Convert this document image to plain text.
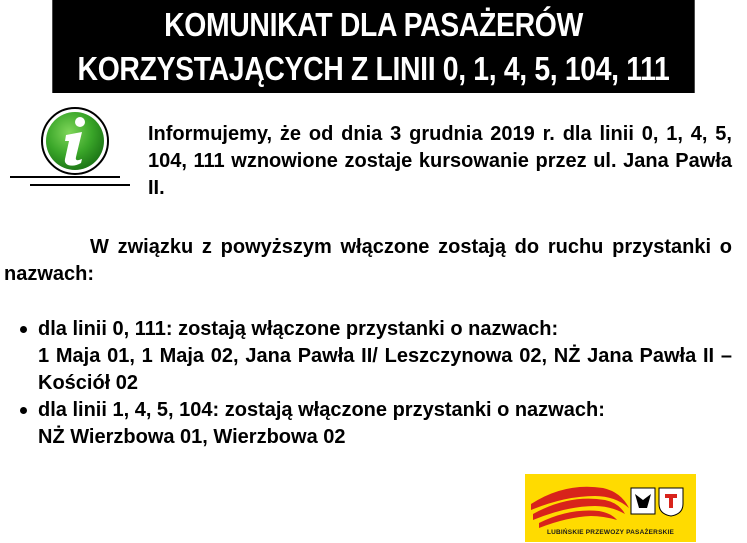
KOMUNIKAT DLA PASAŻERÓW
KORZYSTAJĄCYCH Z LINII 0, 1, 4, 5, 104, 111
Informujemy, że od dnia 3 grudnia 2019 r. dla linii 0, 1, 4, 5, 104, 111 wznowione zostaje kursowanie przez ul. Jana Pawła II.
W związku z powyższym włączone zostają do ruchu przystanki o nazwach:
dla linii 0, 111: zostają włączone przystanki o nazwach:
1 Maja 01, 1 Maja 02, Jana Pawła II/ Leszczynowa 02, NŻ Jana Pawła II – Kościół 02
dla linii 1, 4, 5, 104: zostają włączone przystanki o nazwach:
NŻ Wierzbowa 01, Wierzbowa 02
LUBIŃSKIE PRZEWOZY PASAŻERSKIE
